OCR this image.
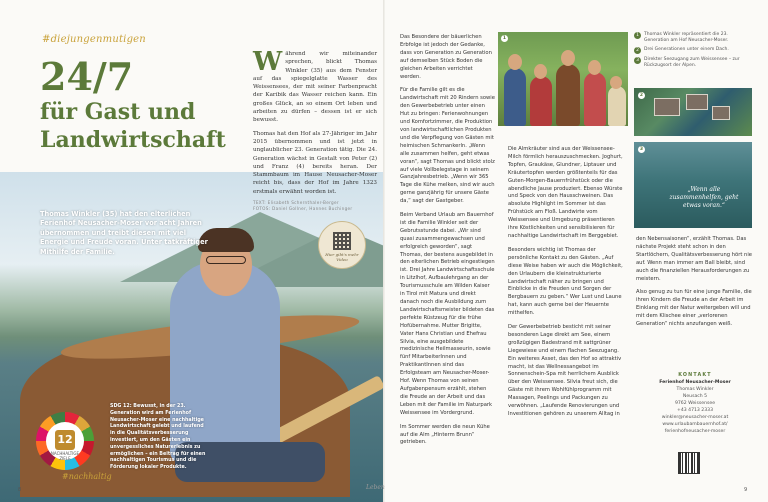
#diejungenmutigen
24/7
für Gast und
Landwirtschaft

Während wir miteinander sprechen, blickt Thomas Winkler (35) aus dem Fenster auf das spiegelglatte Wasser des Weissensees, der mit seiner Farbenpracht der Karibik das Wasser reichen kann. Ein großes Glück, an so einem Ort leben und arbeiten zu dürfen – dessen ist er sich bewusst.

Thomas hat den Hof als 27-Jähriger im Jahr 2015 übernommen und ist jetzt in unglaublicher 23. Generation tätig. Die 24. Generation wächst in Gestalt von Peter (2) und Franz (4) bereits heran. Der Stammbaum im Hause Neusacher-Moser reicht bis, dass der Hof im Jahre 1323 erstmals erwähnt worden ist.

TEXT: Elisabeth Schernthaler-Berger
FOTOS: Daniel Gollner, Hannes Buchinger
Thomas Winkler (35) hat den elterlichen Ferienhof Neusacher-Moser vor acht Jahren übernommen und treibt diesen mit viel Energie und Freude voran. Unter tatkräftiger Mithilfe der Familie.	Hier gibt's mehr Video
12
NACHHALTIGE ZIELE
#nachhaltig
SDG 12: Bewusst, in der 23. Generation wird am Ferienhof Neusacher-Moser eine nachhaltige Landwirtschaft gelebt und laufend in die Qualitätsverbesserung investiert, um den Gästen ein unvergessliches Naturerlebnis zu ermöglichen – ein Beitrag für einen nachhaltigen Tourismus und die Förderung lokaler Produkte.
8

Das Besondere der bäuerlichen Erbfolge ist jedoch der Gedanke, dass von Generation zu Generation auf demselben Stück Boden die gleichen Arbeiten verrichtet werden.

Für die Familie gilt es die Landwirtschaft mit 20 Rindern sowie den Gewerbebetrieb unter einen Hut zu bringen: Ferienwohnungen und Komfortzimmer, die Produktion von landwirtschaftlichen Produkten und die Verpflegung von Gästen mit heimischen Schmankerln. „Wenn alle zusammen helfen, geht etwas voran“, sagt Thomas und blickt stolz auf viele Vollbelegstage in seinem Ganzjahresbetrieb. „Wenn wir 365 Tage die Kühe melken, sind wir auch gerne ganzjährig für unsere Gäste da,“ sagt der Gastgeber.

Beim Verband Urlaub am Bauernhof ist die Familie Winkler seit der Gebrutsstunde dabei. „Wir sind quasi zusammengewachsen und erfolgreich geworden“, sagt Thomas, der bestens ausgebildet in den elterlichen Betrieb eingestiegen ist. Drei Jahre Landwirtschaftsschule in Litzlhof, Aufbaulehrgang an der Tourismusschule am Wilden Kaiser in Tirol mit Matura und direkt danach noch die Ausbildung zum Landwirtschaftsmeister bildeten das perfekte Rüstzeug für die frühe Hofübernahme. Mutter Brigitte, Vater Hans Christian und Ehefrau Silvia, eine ausgebildete medizinische Heilmasseurin, sowie fünf MitarbeiterInnen und PraktikantInnen sind das Erfolgsteam am Neusacher-Moser-Hof. Wenn Thomas von seinen Aufgabenpensum erzählt, stehen die Freude an der Arbeit und das Leben mit der Familie im Naturpark Weissensee im Vordergrund.

Im Sommer werden die neun Kühe auf die Alm „Hinterm Brunn“ getrieben.

1
1	Thomas Winkler repräsentiert die 23. Generation am Hof Neusacher-Moser.
2	Drei Generationen unter einem Dach.
3	Direkter Seezugang zum Weissensee – zur Rückzugsort der Alpen.
2
3
„Wenn alle zusammenhelfen, geht etwas voran.“

Die Almkräuter sind aus der Weissensee-Milch förmlich herauszuschmecken. Joghurt, Topfen, Graukäse, Glundner, Liptauer und Kräutertopfen werden größtenteils für das Guten-Morgen-Bauernfrühstück oder die abendliche Jause produziert. Ebenso Würste und Speck von den Hausschweinen. Das absolute Highlight im Sommer ist das Frühstück am Floß. Landwirte vom Weissensee und Umgebung präsentieren ihre Köstlichkeiten und sensibilisieren für nachhaltige Landwirtschaft im Berggebiet.

Besonders wichtig ist Thomas der persönliche Kontakt zu den Gästen. „Auf diese Weise haben wir auch die Möglichkeit, den Urlaubern die kleinstrukturierte Landwirtschaft näher zu bringen und Einblicke in die Freuden und Sorgen der Bergbauern zu geben.“ Wer Lust und Laune hat, kann auch gerne bei der Heuernte mithelfen.

Der Gewerbebetrieb besticht mit seiner besonderen Lage direkt am See, einem großzügigen Badestrand mit sattgrüner Liegewiese und einem flachen Seezugang. Ein weiteres Asset, das den Hof so attraktiv macht, ist das Wellnessangebot im Sonnenschein-Spa mit herrlichem Ausblick über den Weissensee. Silvia freut sich, die Gäste mit ihrem Wohlfühlprogramm mit Massagen, Peelings und Packungen zu verwöhnen. „Laufende Renovierungen und Investitionen gehören zu unserem Alltag in

den Nebensaisonen“, erzählt Thomas. Das nächste Projekt steht schon in den Startlöchern, Qualitätsverbesserung hört nie auf. Wenn man immer am Ball bleibt, sind auch die finanziellen Herausforderungen zu meistern.

Also genug zu tun für eine junge Familie, die ihren Kindern die Freude an der Arbeit im Einklang mit der Natur weitergeben will und mit dem Klischee einer „verlorenen Generation“ nichts anzufangen weiß.

KONTAKT
Ferienhof Neusacher-Moser
Thomas Winkler
Neusach 5
9762 Weissensee
+43 4713 2333
winkler@neusacher-moser.at
www.urlaubambauernhof.at/
ferienhofneusacher-moser
Leben	9
